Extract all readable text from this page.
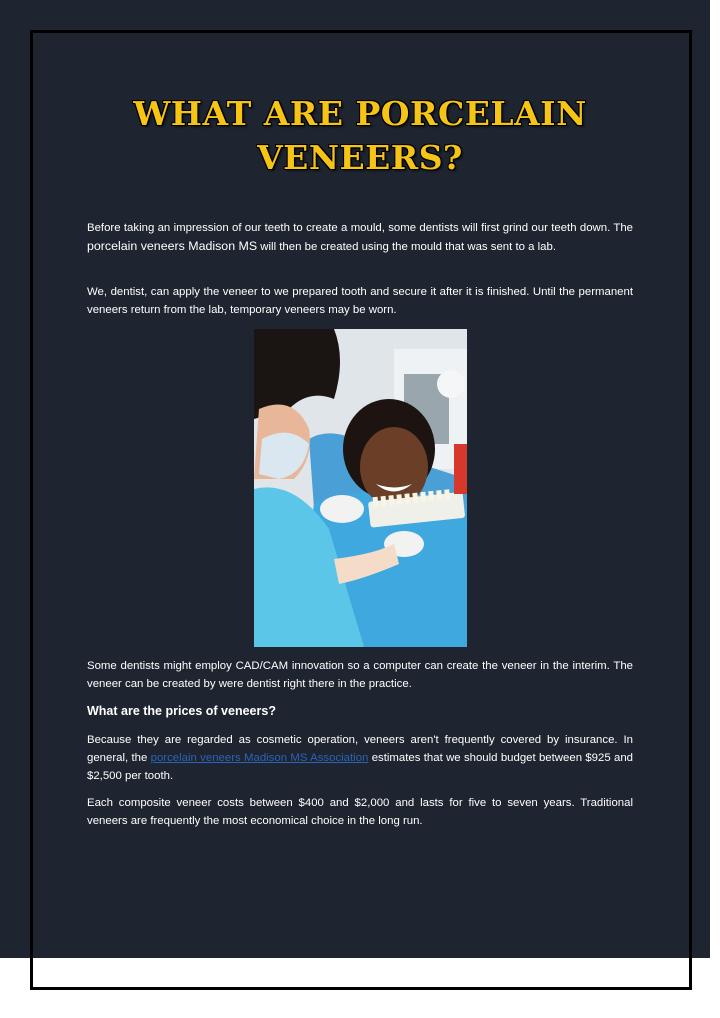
WHAT ARE PORCELAIN
VENEERS?

Before taking an impression of our teeth to create a mould, some dentists will first grind our teeth down. The porcelain veneers Madison MS will then be created using the mould that was sent to a lab.

We, dentist, can apply the veneer to we prepared tooth and secure it after it is finished. Until the permanent veneers return from the lab, temporary veneers may be worn.

Some dentists might employ CAD/CAM innovation so a computer can create the veneer in the interim. The veneer can be created by were dentist right there in the practice.

What are the prices of veneers?

Because they are regarded as cosmetic operation, veneers aren't frequently covered by insurance. In general, the porcelain veneers Madison MS Association estimates that we should budget between $925 and $2,500 per tooth.

Each composite veneer costs between $400 and $2,000 and lasts for five to seven years. Traditional veneers are frequently the most economical choice in the long run.
